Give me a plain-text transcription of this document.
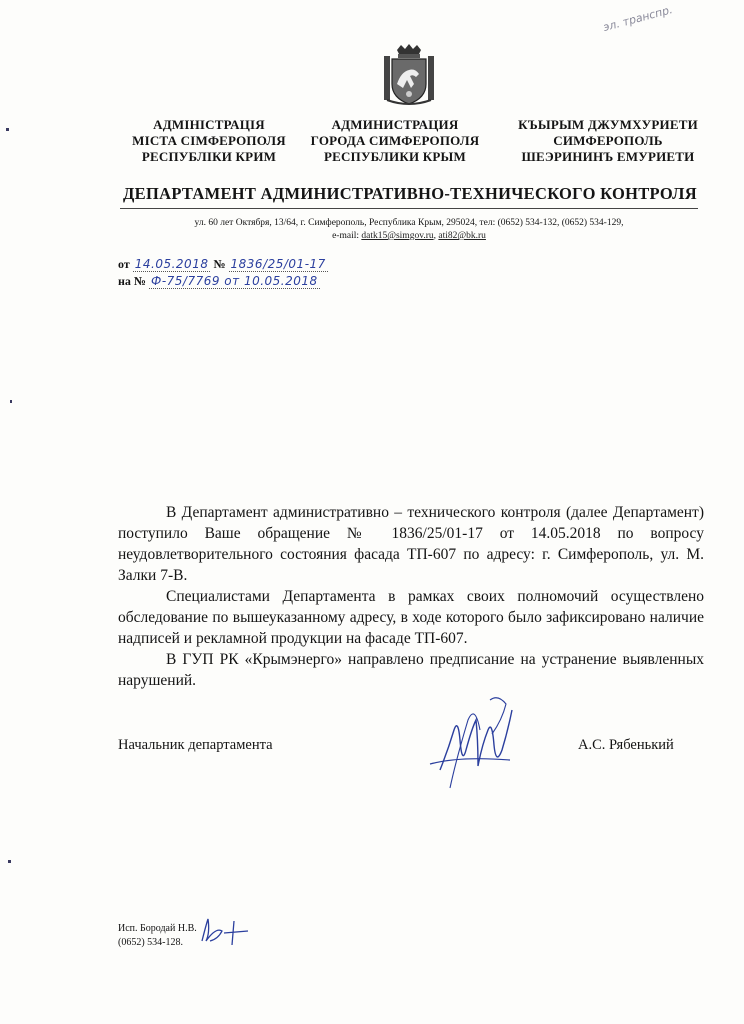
АДМІНІСТРАЦІЯ
МІСТА СІМФЕРОПОЛЯ
РЕСПУБЛІКИ КРИМ
АДМИНИСТРАЦИЯ
ГОРОДА СИМФЕРОПОЛЯ
РЕСПУБЛИКИ КРЫМ
КЪЫРЫМ ДЖУМХУРИЕТИ
СИМФЕРОПОЛЬ
ШЕЭРИНИНЪ ЕМУРИЕТИ
ДЕПАРТАМЕНТ АДМИНИСТРАТИВНО-ТЕХНИЧЕСКОГО КОНТРОЛЯ
ул. 60 лет Октября, 13/64, г. Симферополь, Республика Крым, 295024, тел: (0652) 534-132, (0652) 534-129,
e-mail: datk15@simgov.ru, ati82@bk.ru
от 14.05.2018 № 1836/25/01-17
на № Ф-75/7769 от 10.05.2018
эл. транспр.

В Департамент административно – технического контроля (далее Департамент) поступило Ваше обращение № 1836/25/01-17 от 14.05.2018 по вопросу неудовлетворительного состояния фасада ТП-607 по адресу: г. Симферополь, ул. М. Залки 7-В.

Специалистами Департамента в рамках своих полномочий осуществлено обследование по вышеуказанному адресу, в ходе которого было зафиксировано наличие надписей и рекламной продукции на фасаде ТП-607.

В ГУП РК «Крымэнерго» направлено предписание на устранение выявленных нарушений.

Начальник департамента	А.С. Рябенький
Исп. Бородай Н.В.
(0652) 534-128.
